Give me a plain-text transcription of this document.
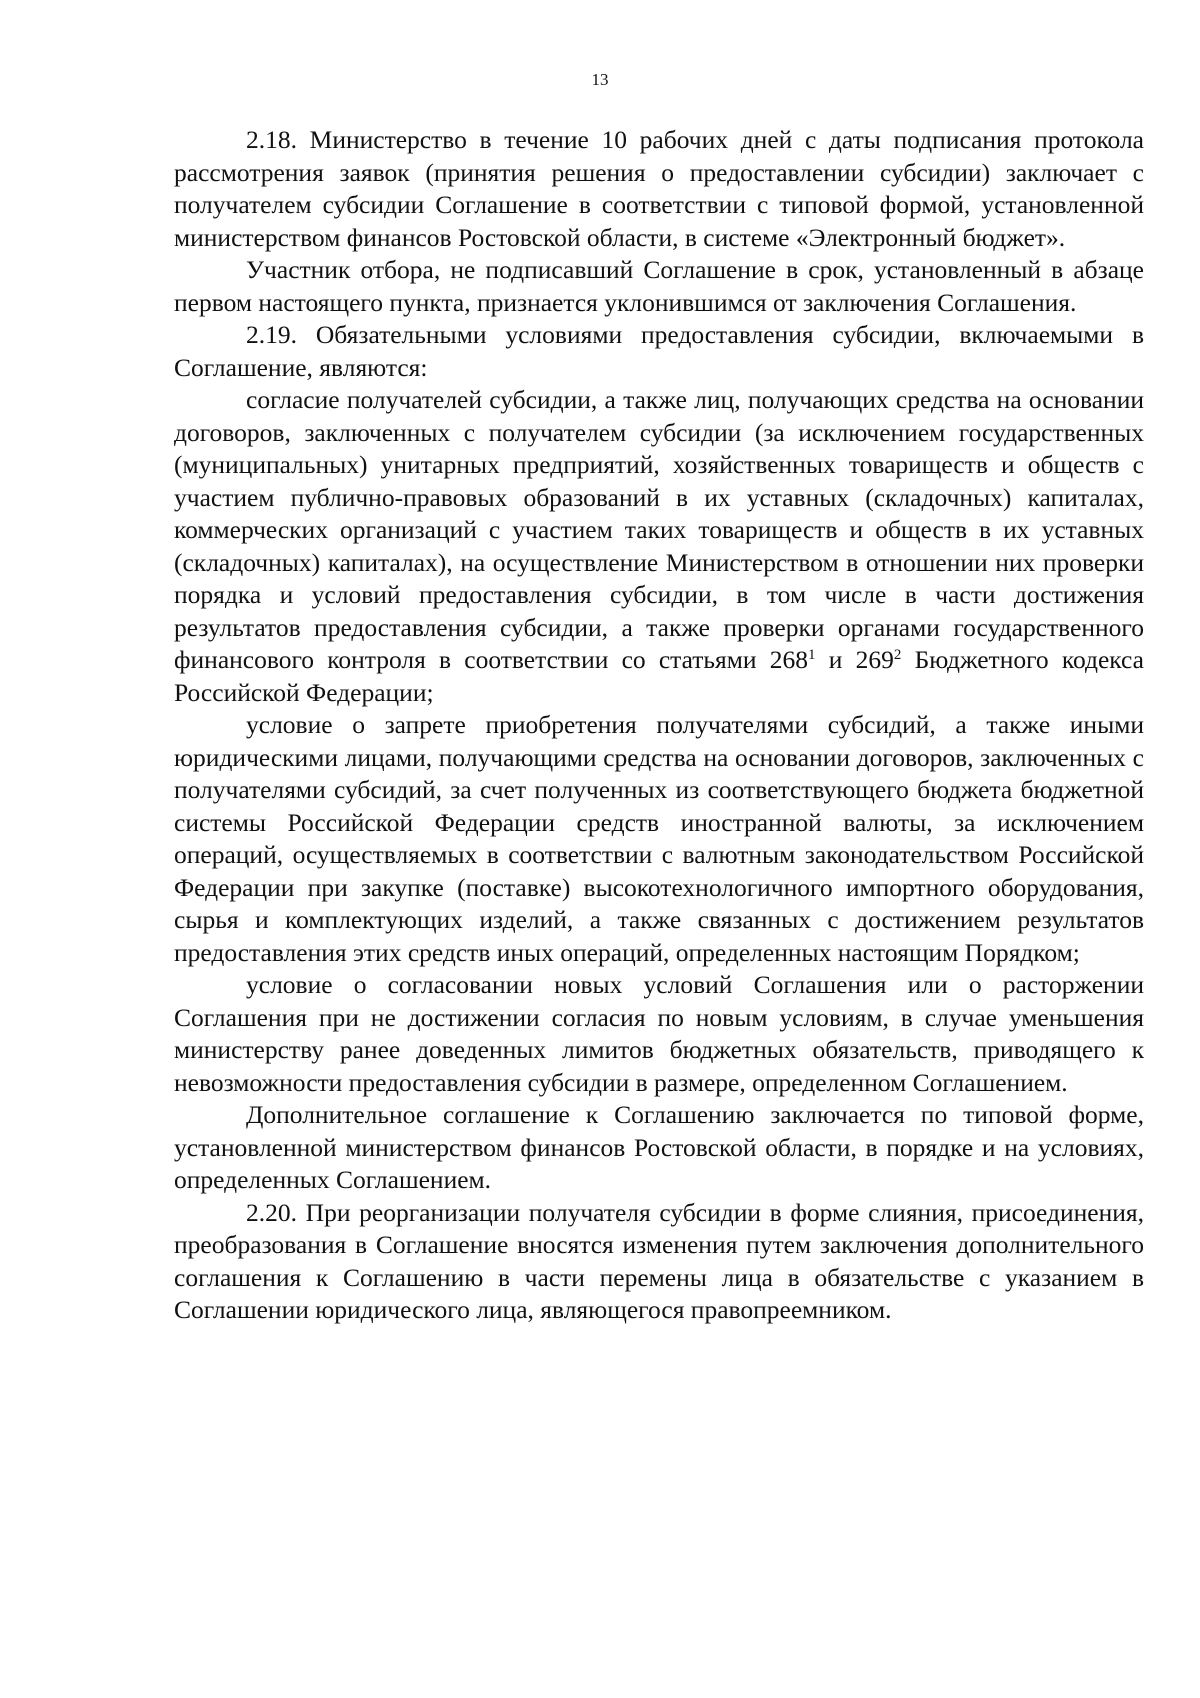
13

2.18. Министерство в течение 10 рабочих дней с даты подписания протокола рассмотрения заявок (принятия решения о предоставлении субсидии) заключает с получателем субсидии Соглашение в соответствии с типовой формой, установленной министерством финансов Ростовской области, в системе «Электронный бюджет».

Участник отбора, не подписавший Соглашение в срок, установленный в абзаце первом настоящего пункта, признается уклонившимся от заключения Соглашения.

2.19. Обязательными условиями предоставления субсидии, включаемыми в Соглашение, являются:

согласие получателей субсидии, а также лиц, получающих средства на основании договоров, заключенных с получателем субсидии (за исключением государственных (муниципальных) унитарных предприятий, хозяйственных товариществ и обществ с участием публично-правовых образований в их уставных (складочных) капиталах, коммерческих организаций с участием таких товариществ и обществ в их уставных (складочных) капиталах), на осуществление Министерством в отношении них проверки порядка и условий предоставления субсидии, в том числе в части достижения результатов предоставления субсидии, а также проверки органами государственного финансового контроля в соответствии со статьями $268^1$ и $269^2$ Бюджетного кодекса Российской Федерации;

условие о запрете приобретения получателями субсидий, а также иными юридическими лицами, получающими средства на основании договоров, заключенных с получателями субсидий, за счет полученных из соответствующего бюджета бюджетной системы Российской Федерации средств иностранной валюты, за исключением операций, осуществляемых в соответствии с валютным законодательством Российской Федерации при закупке (поставке) высокотехнологичного импортного оборудования, сырья и комплектующих изделий, а также связанных с достижением результатов предоставления этих средств иных операций, определенных настоящим Порядком;

условие о согласовании новых условий Соглашения или о расторжении Соглашения при не достижении согласия по новым условиям, в случае уменьшения министерству ранее доведенных лимитов бюджетных обязательств, приводящего к невозможности предоставления субсидии в размере, определенном Соглашением.

Дополнительное соглашение к Соглашению заключается по типовой форме, установленной министерством финансов Ростовской области, в порядке и на условиях, определенных Соглашением.

2.20. При реорганизации получателя субсидии в форме слияния, присоединения, преобразования в Соглашение вносятся изменения путем заключения дополнительного соглашения к Соглашению в части перемены лица в обязательстве с указанием в Соглашении юридического лица, являющегося правопреемником.
